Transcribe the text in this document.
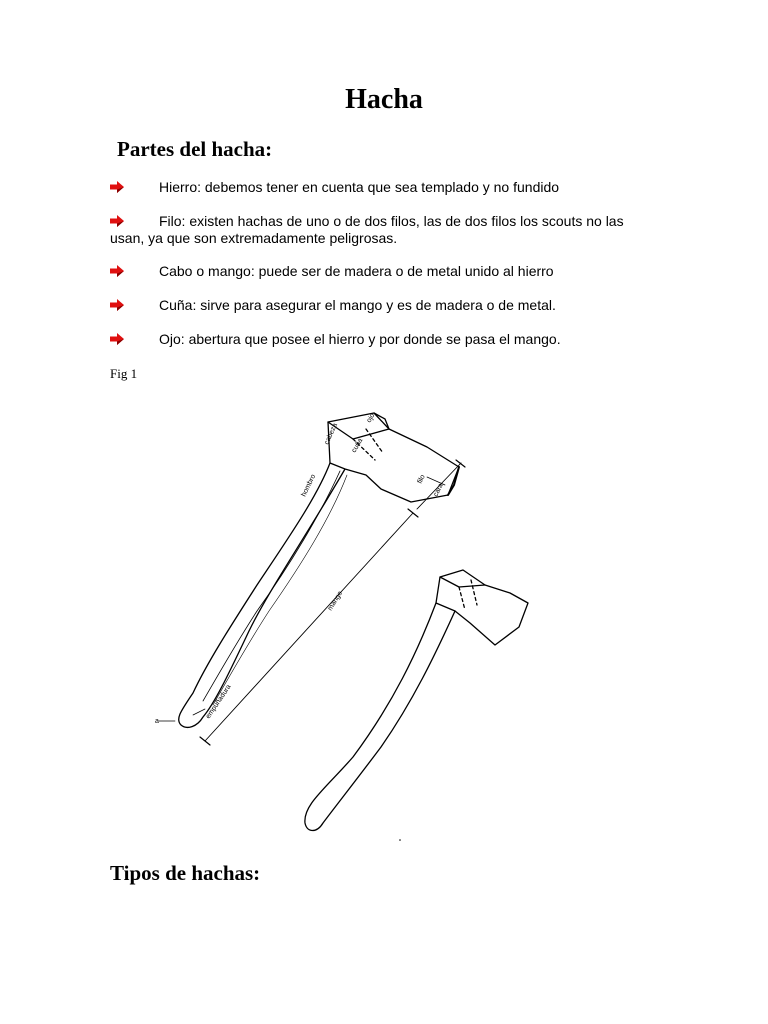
Hacha
Partes del hacha:
Hierro: debemos tener en cuenta que sea templado y no fundido
Filo: existen hachas de uno o de dos filos, las de dos filos los scouts no las usan, ya que son extremadamente peligrosas.
Cabo o mango: puede ser de madera o de metal unido al hierro
Cuña: sirve para asegurar el mango y es de madera o de metal.
Ojo: abertura que posee el hierro y por donde se pasa el mango.
Fig 1
cabeza
ojo
cuña
hombro	filo
cara
mango
empuñadura
a
Tipos de hachas:
